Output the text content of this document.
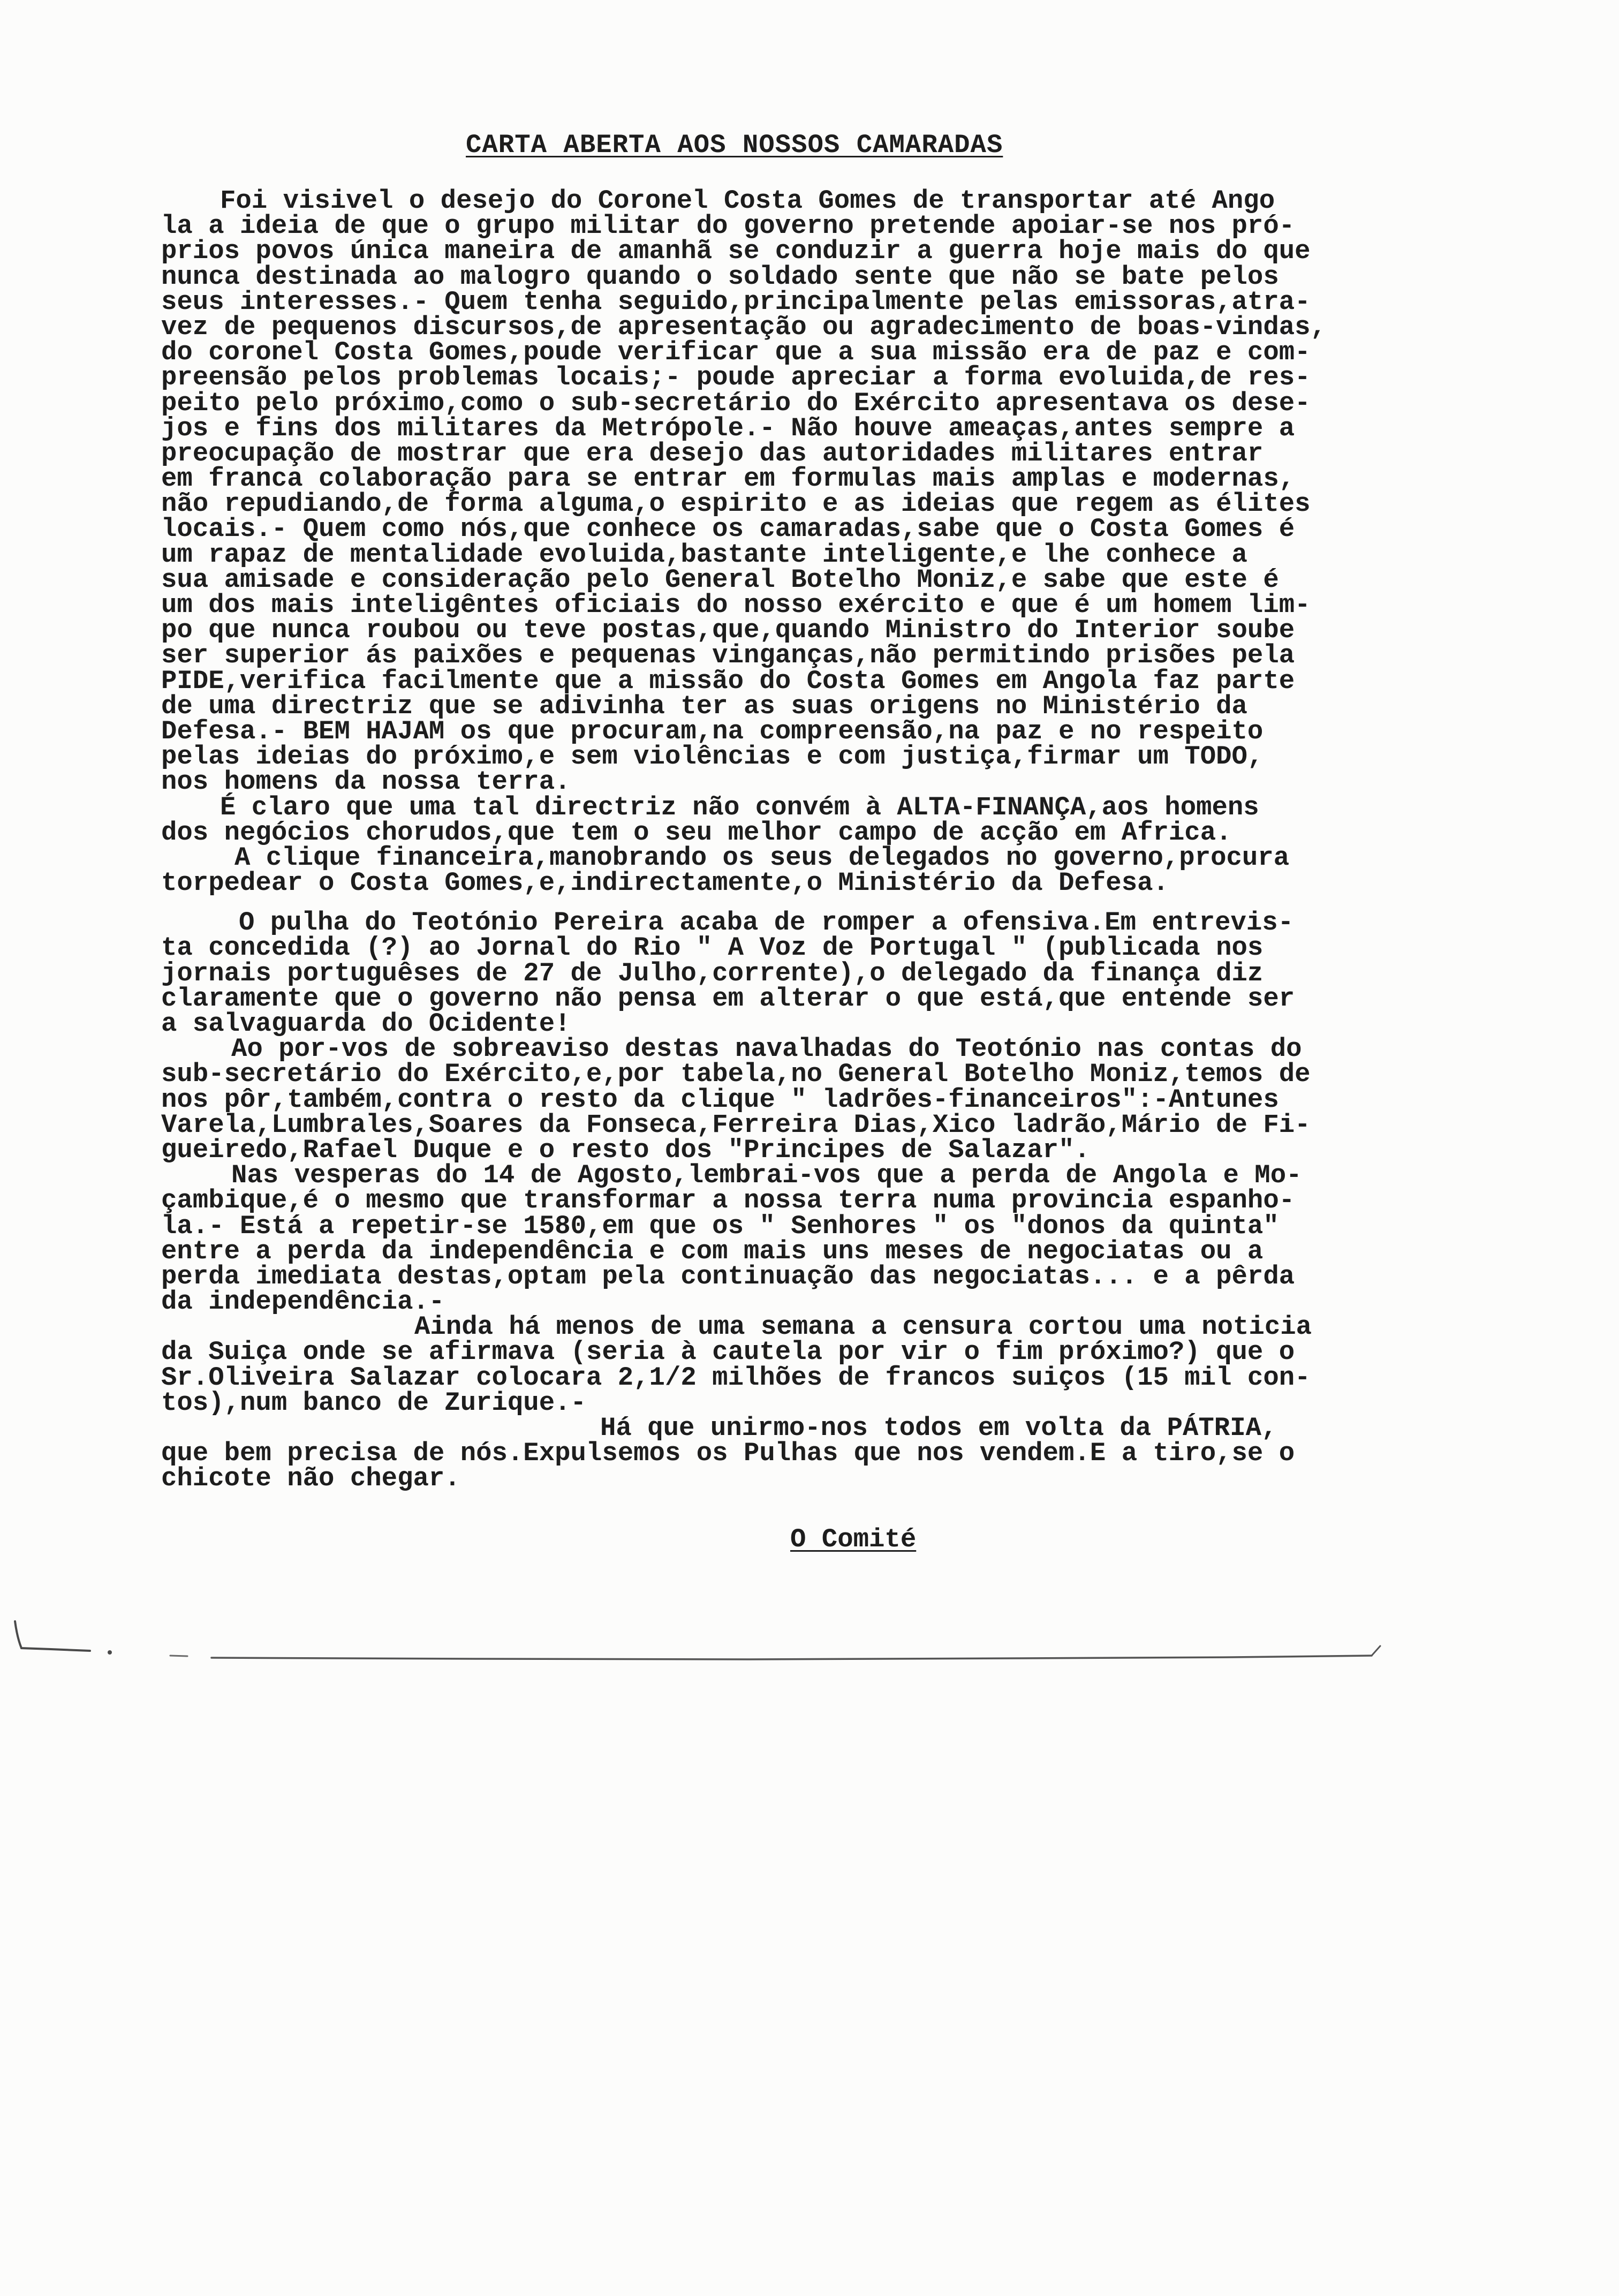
CARTA ABERTA AOS NOSSOS CAMARADAS
Foi visivel o desejo do Coronel Costa Gomes de transportar até Ango
la a ideia de que o grupo militar do governo pretende apoiar-se nos pró-
prios povos única maneira de amanhã se conduzir a guerra hoje mais do que
nunca destinada ao malogro quando o soldado sente que não se bate pelos
seus interesses.- Quem tenha seguido,principalmente pelas emissoras,atra-
vez de pequenos discursos,de apresentação ou agradecimento de boas-vindas,
do coronel Costa Gomes,poude verificar que a sua missão era de paz e com-
preensão pelos problemas locais;- poude apreciar a forma evoluida,de res-
peito pelo próximo,como o sub-secretário do Exército apresentava os dese-
jos e fins dos militares da Metrópole.- Não houve ameaças,antes sempre a
preocupação de mostrar que era desejo das autoridades militares entrar
em franca colaboração para se entrar em formulas mais amplas e modernas,
não repudiando,de forma alguma,o espirito e as ideias que regem as élites
locais.- Quem como nós,que conhece os camaradas,sabe que o Costa Gomes é
um rapaz de mentalidade evoluida,bastante inteligente,e lhe conhece a
sua amisade e consideração pelo General Botelho Moniz,e sabe que este é
um dos mais inteligêntes oficiais do nosso exército e que é um homem lim-
po que nunca roubou ou teve postas,que,quando Ministro do Interior soube
ser superior ás paixões e pequenas vinganças,não permitindo prisões pela
PIDE,verifica facilmente que a missão do Costa Gomes em Angola faz parte
de uma directriz que se adivinha ter as suas origens no Ministério da
Defesa.- BEM HAJAM os que procuram,na compreensão,na paz e no respeito
pelas ideias do próximo,e sem violências e com justiça,firmar um TODO,
nos homens da nossa terra.
É claro que uma tal directriz não convém à ALTA-FINANÇA,aos homens
dos negócios chorudos,que tem o seu melhor campo de acção em Africa.
A clique financeira,manobrando os seus delegados no governo,procura
torpedear o Costa Gomes,e,indirectamente,o Ministério da Defesa.
O pulha do Teotónio Pereira acaba de romper a ofensiva.Em entrevis-
ta concedida (?) ao Jornal do Rio " A Voz de Portugal " (publicada nos
jornais portuguêses de 27 de Julho,corrente),o delegado da finança diz
claramente que o governo não pensa em alterar o que está,que entende ser
a salvaguarda do Ocidente!
Ao por-vos de sobreaviso destas navalhadas do Teotónio nas contas do
sub-secretário do Exército,e,por tabela,no General Botelho Moniz,temos de
nos pôr,também,contra o resto da clique " ladrões-financeiros":-Antunes
Varela,Lumbrales,Soares da Fonseca,Ferreira Dias,Xico ladrão,Mário de Fi-
gueiredo,Rafael Duque e o resto dos "Principes de Salazar".
Nas vesperas do 14 de Agosto,lembrai-vos que a perda de Angola e Mo-
çambique,é o mesmo que transformar a nossa terra numa provincia espanho-
la.- Está a repetir-se 1580,em que os " Senhores " os "donos da quinta"
entre a perda da independência e com mais uns meses de negociatas ou a
perda imediata destas,optam pela continuação das negociatas... e a pêrda
da independência.-
Ainda há menos de uma semana a censura cortou uma noticia
da Suiça onde se afirmava (seria à cautela por vir o fim próximo?) que o
Sr.Oliveira Salazar colocara 2,1/2 milhões de francos suiços (15 mil con-
tos),num banco de Zurique.-
Há que unirmo-nos todos em volta da PÁTRIA,
que bem precisa de nós.Expulsemos os Pulhas que nos vendem.E a tiro,se o
chicote não chegar.
O Comité
